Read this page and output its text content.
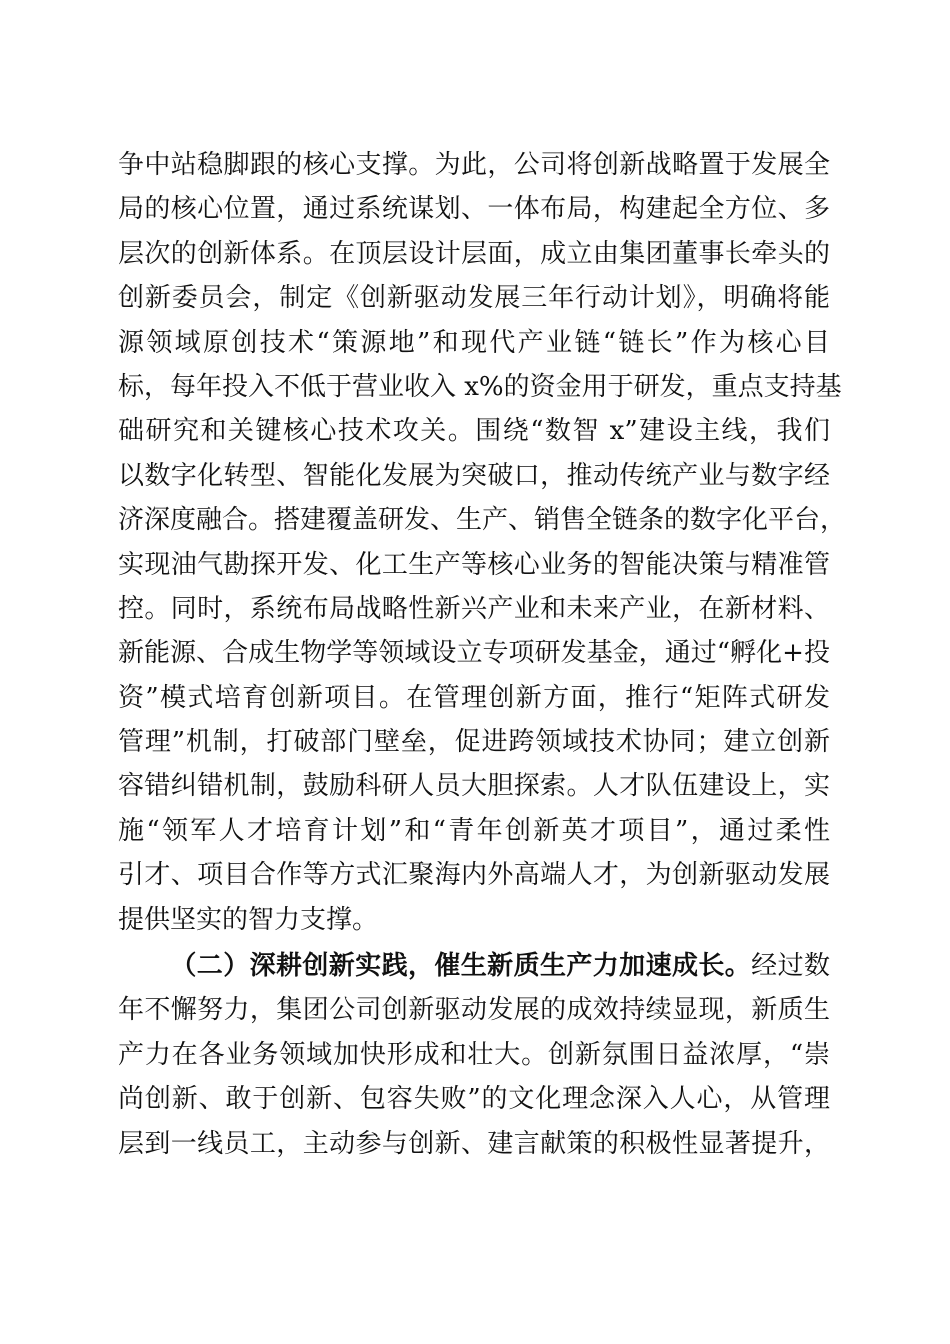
争中站稳脚跟的核心支撑。为此，公司将创新战略置于发展全
局的核心位置，通过系统谋划、一体布局，构建起全方位、多
层次的创新体系。在顶层设计层面，成立由集团董事长牵头的
创新委员会，制定《创新驱动发展三年行动计划》，明确将能
源领域原创技术“策源地”和现代产业链“链长”作为核心目
标，每年投入不低于营业收入 x%的资金用于研发，重点支持基
础研究和关键核心技术攻关。围绕“数智 x”建设主线，我们
以数字化转型、智能化发展为突破口，推动传统产业与数字经
济深度融合。搭建覆盖研发、生产、销售全链条的数字化平台，
实现油气勘探开发、化工生产等核心业务的智能决策与精准管
控。同时，系统布局战略性新兴产业和未来产业，在新材料、
新能源、合成生物学等领域设立专项研发基金，通过“孵化+投
资”模式培育创新项目。在管理创新方面，推行“矩阵式研发
管理”机制，打破部门壁垒，促进跨领域技术协同；建立创新
容错纠错机制，鼓励科研人员大胆探索。人才队伍建设上，实
施“领军人才培育计划”和“青年创新英才项目”，通过柔性
引才、项目合作等方式汇聚海内外高端人才，为创新驱动发展
提供坚实的智力支撑。
（二）深耕创新实践，催生新质生产力加速成长。经过数
年不懈努力，集团公司创新驱动发展的成效持续显现，新质生
产力在各业务领域加快形成和壮大。创新氛围日益浓厚，“崇
尚创新、敢于创新、包容失败”的文化理念深入人心，从管理
层到一线员工，主动参与创新、建言献策的积极性显著提升，
